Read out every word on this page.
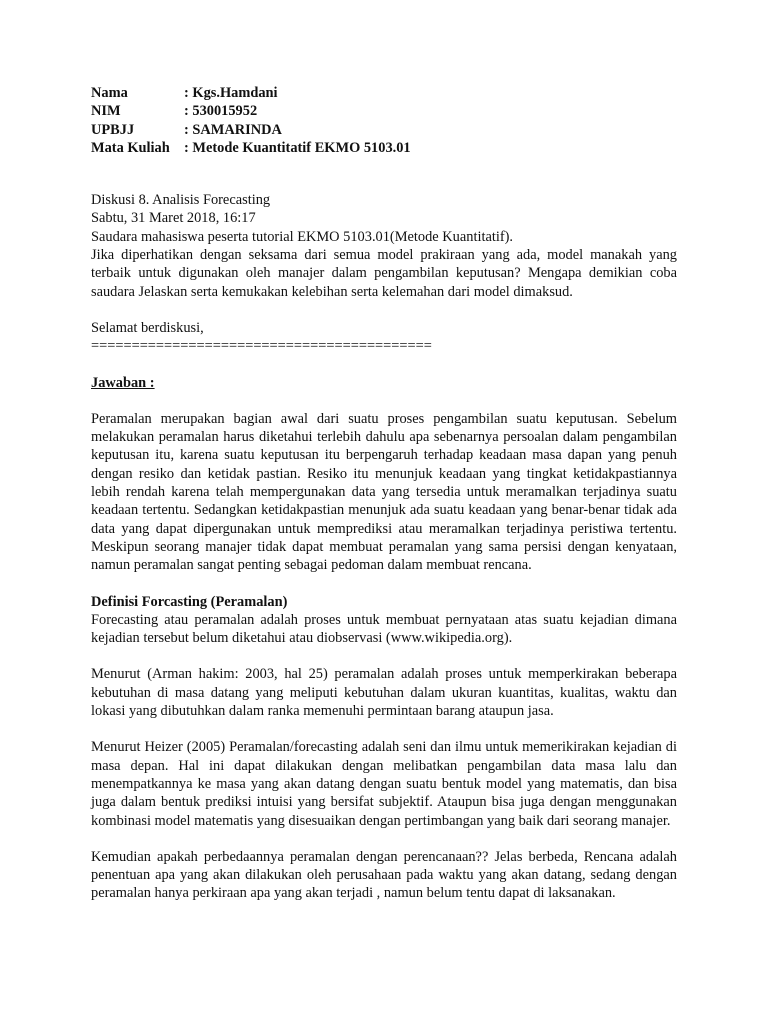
Nama	: Kgs.Hamdani
NIM	: 530015952
UPBJJ	: SAMARINDA
Mata Kuliah : Metode Kuantitatif EKMO 5103.01

Diskusi 8. Analisis Forecasting

Sabtu, 31 Maret 2018, 16:17

Saudara mahasiswa peserta tutorial EKMO 5103.01(Metode Kuantitatif).

Jika diperhatikan dengan seksama dari semua model prakiraan yang ada, model manakah yang terbaik untuk digunakan oleh manajer dalam pengambilan keputusan? Mengapa demikian coba saudara Jelaskan serta kemukakan kelebihan serta kelemahan dari model dimaksud.

Selamat berdiskusi,

==========================================

Jawaban :

Peramalan merupakan bagian awal dari suatu proses pengambilan suatu keputusan. Sebelum melakukan peramalan harus diketahui terlebih dahulu apa sebenarnya persoalan dalam pengambilan keputusan itu, karena suatu keputusan itu berpengaruh terhadap keadaan masa dapan yang penuh dengan resiko dan ketidak pastian. Resiko itu menunjuk keadaan yang tingkat ketidakpastiannya lebih rendah karena telah mempergunakan data yang tersedia untuk meramalkan terjadinya suatu keadaan tertentu. Sedangkan ketidakpastian menunjuk ada suatu keadaan yang benar-benar tidak ada data yang dapat dipergunakan untuk memprediksi atau meramalkan terjadinya peristiwa tertentu. Meskipun seorang manajer tidak dapat membuat peramalan yang sama persisi dengan kenyataan, namun peramalan sangat penting sebagai pedoman dalam membuat rencana.

Definisi Forcasting (Peramalan)

Forecasting atau peramalan adalah proses untuk membuat pernyataan atas suatu kejadian dimana kejadian tersebut belum diketahui atau diobservasi (www.wikipedia.org).

Menurut (Arman hakim: 2003, hal 25) peramalan adalah proses untuk memperkirakan beberapa kebutuhan di masa datang yang meliputi kebutuhan dalam ukuran kuantitas, kualitas, waktu dan lokasi yang dibutuhkan dalam ranka memenuhi permintaan barang ataupun jasa.

Menurut Heizer (2005) Peramalan/forecasting adalah seni dan ilmu untuk memerikirakan kejadian di masa depan. Hal ini dapat dilakukan dengan melibatkan pengambilan data masa lalu dan menempatkannya ke masa yang akan datang dengan suatu bentuk model yang matematis, dan bisa juga dalam bentuk prediksi intuisi yang bersifat subjektif. Ataupun bisa juga dengan menggunakan kombinasi model matematis yang disesuaikan dengan pertimbangan yang baik dari seorang manajer.

Kemudian apakah perbedaannya peramalan dengan perencanaan?? Jelas berbeda, Rencana adalah penentuan apa yang akan dilakukan oleh perusahaan pada waktu yang akan datang, sedang dengan peramalan hanya perkiraan apa yang akan terjadi , namun belum tentu dapat di laksanakan.
